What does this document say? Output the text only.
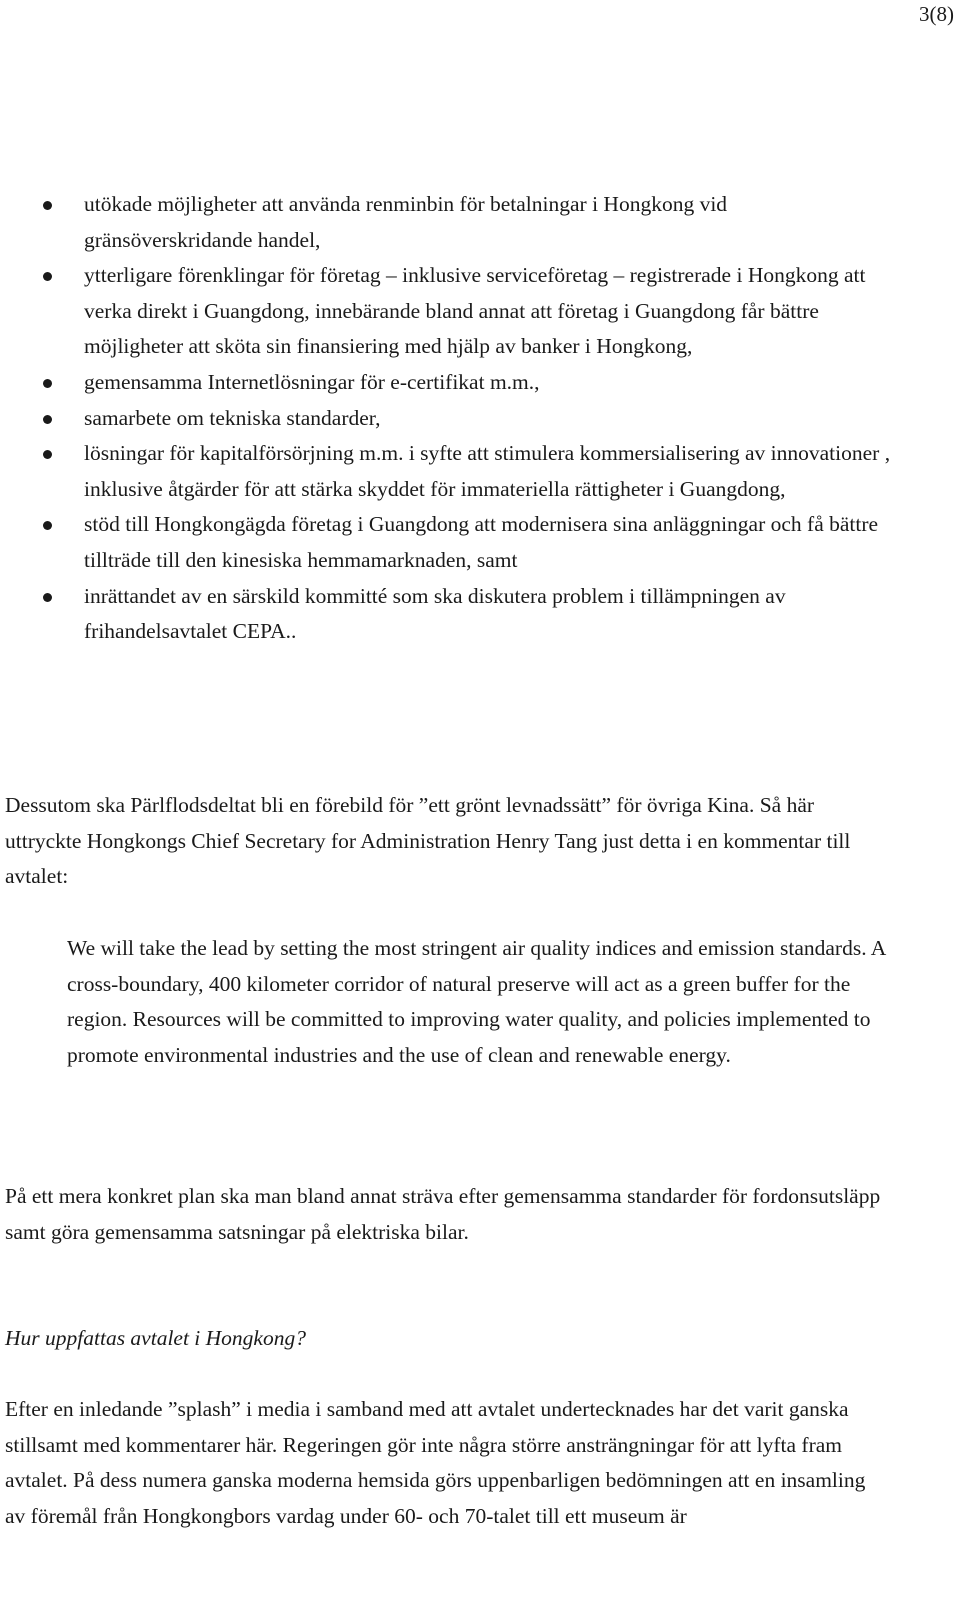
3(8)
utökade möjligheter att använda renminbin för betalningar i Hongkong vid gränsöverskridande handel,
ytterligare förenklingar för företag – inklusive serviceföretag – registrerade i Hongkong att verka direkt i Guangdong, innebärande bland annat att företag i Guangdong får bättre möjligheter att sköta sin finansiering med hjälp av banker i Hongkong,
gemensamma Internetlösningar för e-certifikat m.m.,
samarbete om tekniska standarder,
lösningar för kapitalförsörjning m.m. i syfte att stimulera kommersialisering av innovationer , inklusive åtgärder för att stärka skyddet för immateriella rättigheter i Guangdong,
stöd till Hongkongägda företag i Guangdong att modernisera sina anläggningar och få bättre tillträde till den kinesiska hemmamarknaden, samt
inrättandet av en särskild kommitté som ska diskutera problem i tillämpningen av frihandelsavtalet CEPA..

Dessutom ska Pärlflodsdeltat bli en förebild för ”ett grönt levnadssätt” för övriga Kina. Så här uttryckte Hongkongs Chief Secretary for Administration Henry Tang just detta i en kommentar till avtalet:

We will take the lead by setting the most stringent air quality indices and emission standards. A cross-boundary, 400 kilometer corridor of natural preserve will act as a green buffer for the region. Resources will be committed to improving water quality, and policies implemented to promote environmental industries and the use of clean and renewable energy.

På ett mera konkret plan ska man bland annat sträva efter gemensamma standarder för fordonsutsläpp samt göra gemensamma satsningar på elektriska bilar.

Hur uppfattas avtalet i Hongkong?

Efter en inledande ”splash” i media i samband med att avtalet undertecknades har det varit ganska stillsamt med kommentarer här. Regeringen gör inte några större ansträngningar för att lyfta fram avtalet. På dess numera ganska moderna hemsida görs uppenbarligen bedömningen att en insamling av föremål från Hongkongbors vardag under 60- och 70-talet till ett museum är
